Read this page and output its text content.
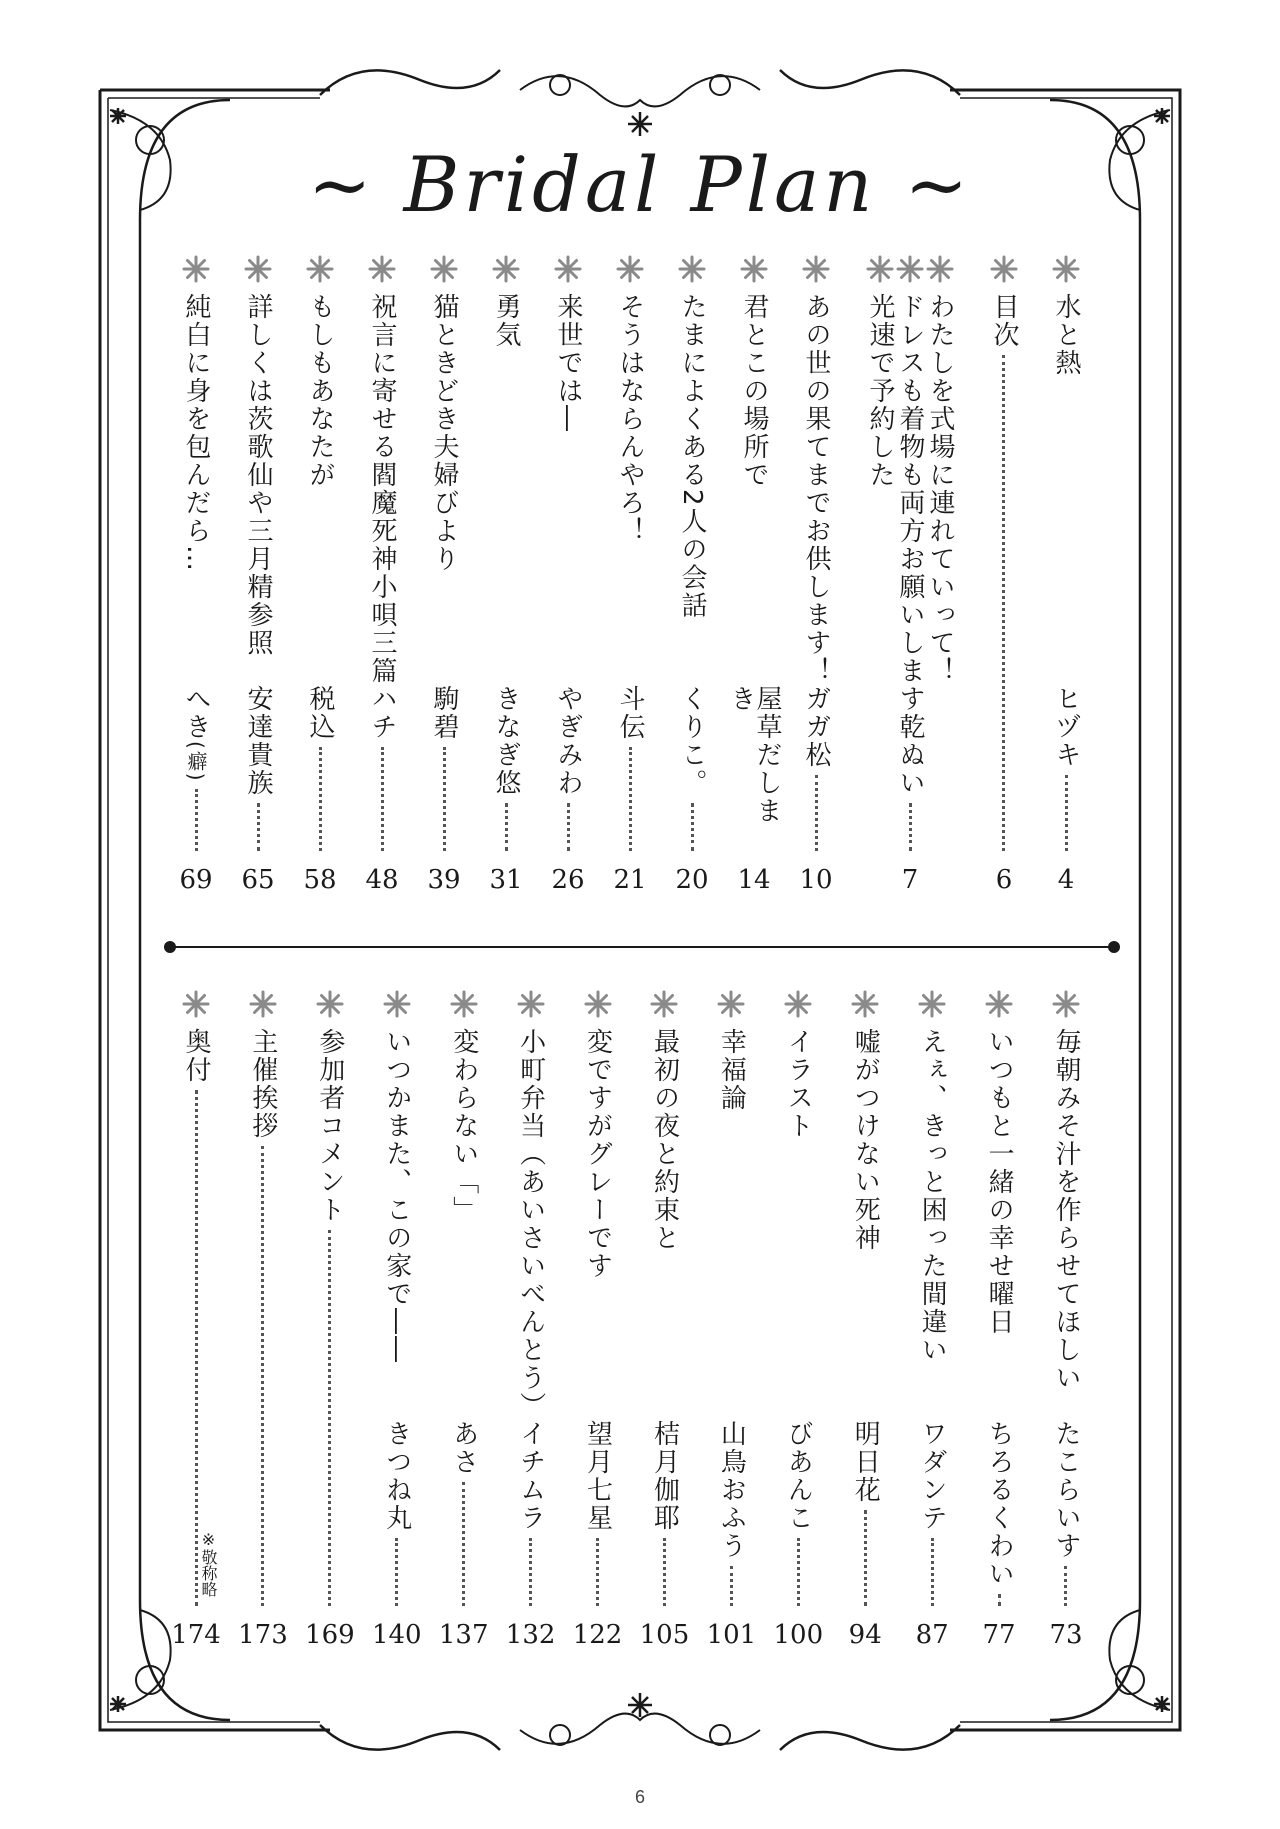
~ Bridal Plan ~
水と熱
ヒヅキ
4
目次
6
わたしを式場に連れていって！
ドレスも着物も両方お願いします
光速で予約した
乾ぬい
7
あの世の果てまでお供します！
ガガ松
10
君とこの場所で
屋草だしまき
14
たまによくある2人の会話
くりこ。
20
そうはならんやろ！
斗伝
21
来世では―
やぎみわ
26
勇気
きなぎ悠
31
猫ときどき夫婦びより
駒碧
39
祝言に寄せる閻魔死神小唄三篇
ハチ
48
もしもあなたが
税込
58
詳しくは茨歌仙や三月精参照
安達貴族
65
純白に身を包んだら…
へき
(癖)
69
毎朝みそ汁を作らせてほしい
たこらいす
73
いつもと一緒の幸せ曜日
ちろるくわい
77
えぇ、きっと困った間違い
ワダンテ
87
嘘がつけない死神
明日花
94
イラスト
びあんこ
100
幸福論
山鳥おふう
101
最初の夜と約束と
桔月伽耶
105
変ですがグレーです
望月七星
122
小町弁当（あいさいべんとう）
イチムラ
132
変わらない「」
あさ
137
いつかまた、この家で――
きつね丸
140
参加者コメント
169
主催挨拶
173
奥付
174
※敬称略
6
